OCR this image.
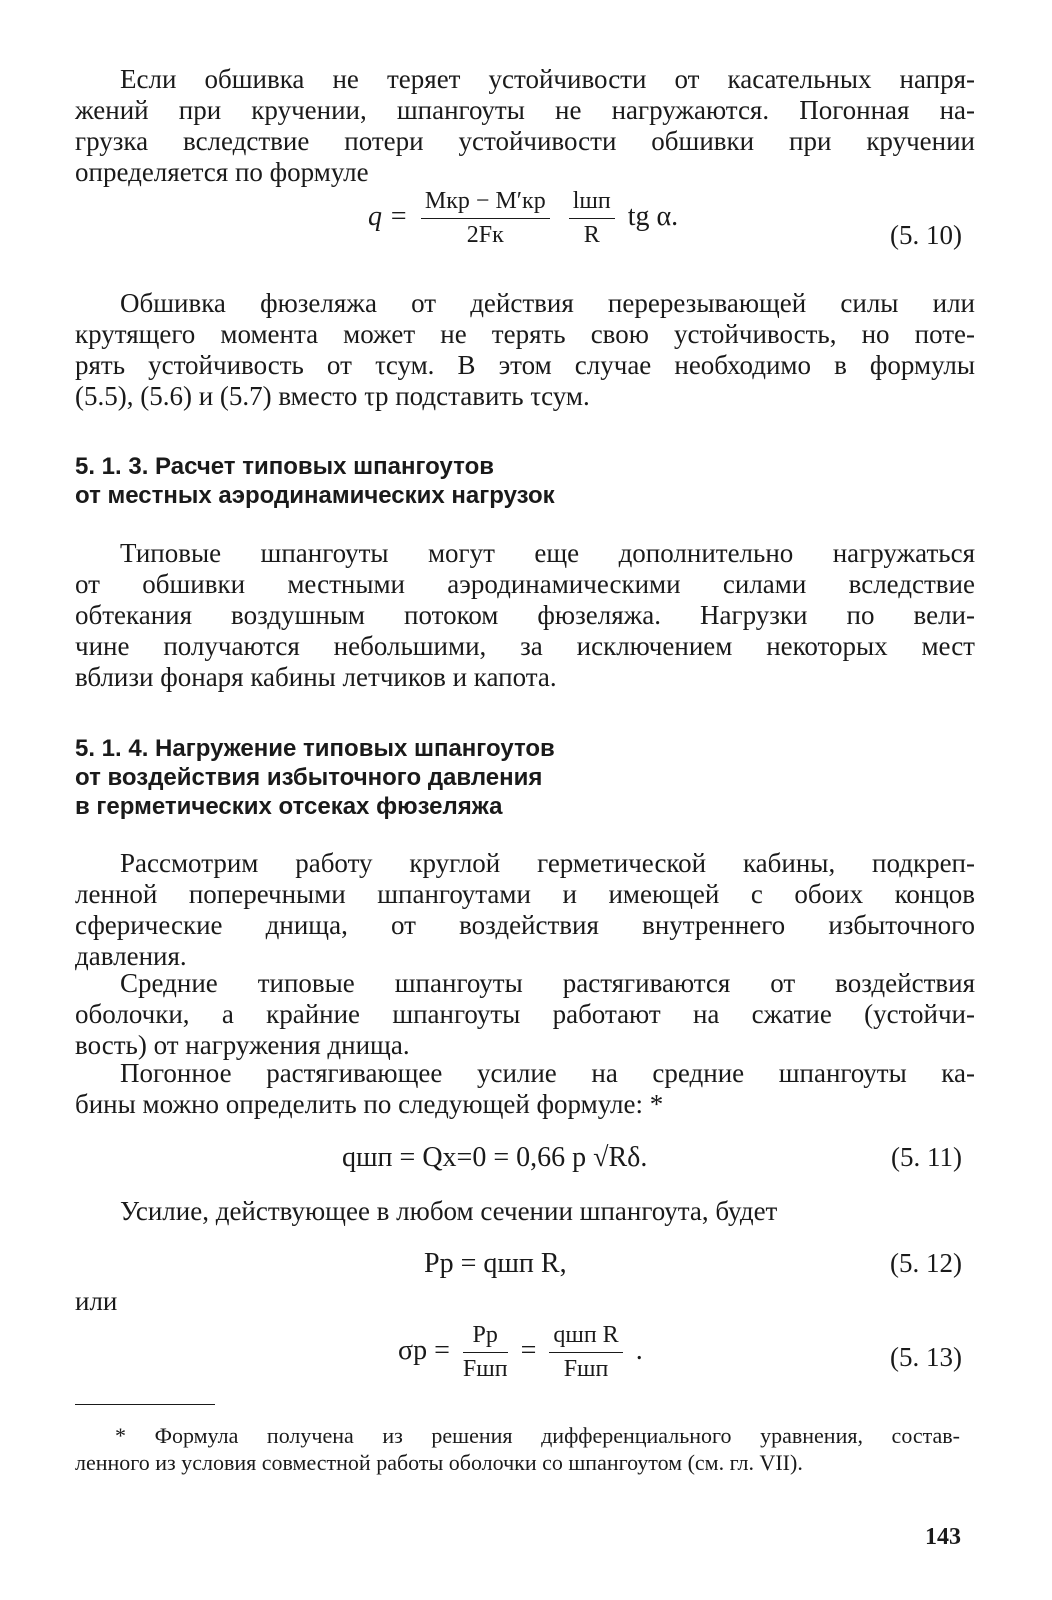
Если обшивка не теряет устойчивости от касательных напря-
жений при кручении, шпангоуты не нагружаются. Погонная на-
грузка вследствие потери устойчивости обшивки при кручении
определяется по формуле

$q = \frac{\text{Mкр − M′кр}}{2Fк}$
$\frac{\text{lшп}}{R}$ tg α.
(5. 10)

Обшивка фюзеляжа от действия перерезывающей силы или
крутящего момента может не терять свою устойчивость, но поте-
рять устойчивость от τсум. В этом случае необходимо в формулы
(5.5), (5.6) и (5.7) вместо τр подставить τсум.

5. 1. 3. Расчет типовых шпангоутов
от местных аэродинамических нагрузок

Типовые шпангоуты могут еще дополнительно нагружаться
от обшивки местными аэродинамическими силами вследствие
обтекания воздушным потоком фюзеляжа. Нагрузки по вели-
чине получаются небольшими, за исключением некоторых мест
вблизи фонаря кабины летчиков и капота.

5. 1. 4. Нагружение типовых шпангоутов
от воздействия избыточного давления
в герметических отсеках фюзеляжа

Рассмотрим работу круглой герметической кабины, подкреп-
ленной поперечными шпангоутами и имеющей с обоих концов
сферические днища, от воздействия внутреннего избыточного
давления.

Средние типовые шпангоуты растягиваются от воздействия
оболочки, а крайние шпангоуты работают на сжатие (устойчи-
вость) от нагружения днища.

Погонное растягивающее усилие на средние шпангоуты ка-
бины можно определить по следующей формуле: *

qшп = Qx=0 = 0,66 p √Rδ.	(5. 11)

Усилие, действующее в любом сечении шпангоута, будет

Pр = qшп R,	(5. 12)
или
$\sigma р = \frac{Pр}{\text{Fшп}} = \frac{\text{qшп R}}{\text{Fшп}}$ .	(5. 13)

* Формула получена из решения дифференциального уравнения, состав-
ленного из условия совместной работы оболочки со шпангоутом (см. гл. VII).

143
